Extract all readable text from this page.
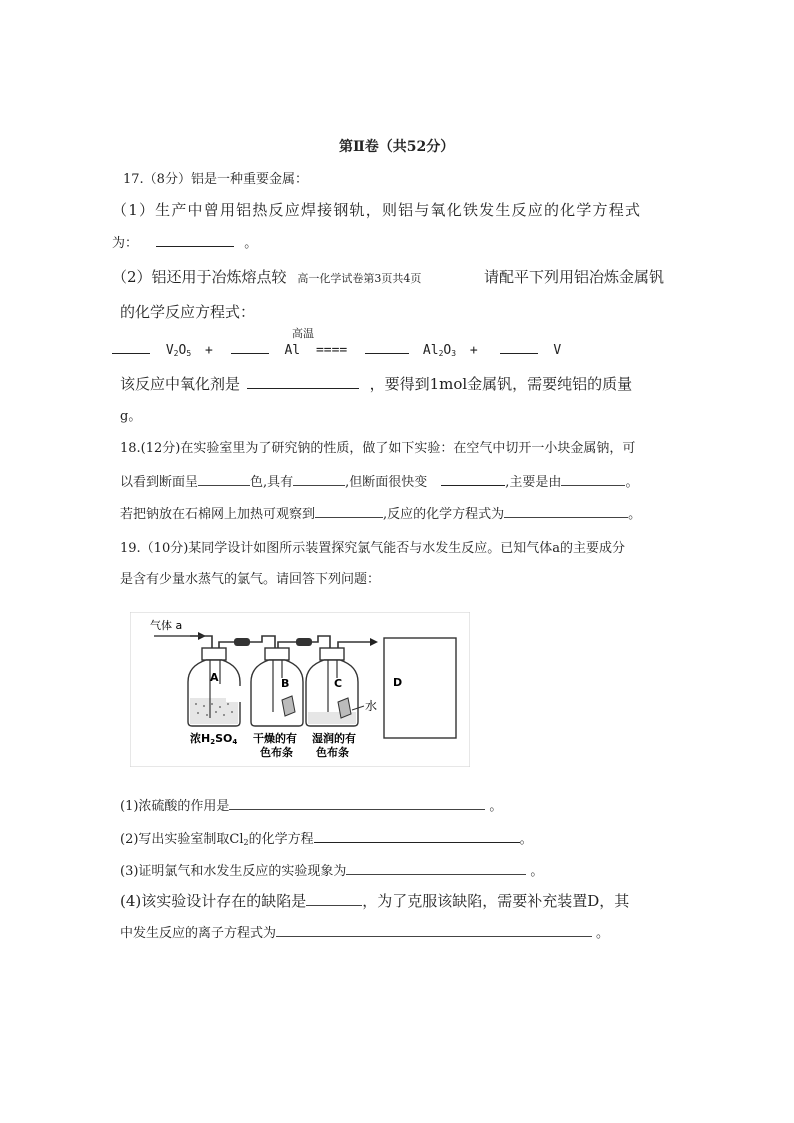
第Ⅱ卷（共52分）
17.（8分）铝是一种重要金属：
（1）生产中曾用铝热反应焊接钢轨，则铝与氧化铁发生反应的化学方程式
为：	。
（2）铝还用于冶炼熔点较 高一化学试卷第3页共4页	请配平下列用铝冶炼金属钒
的化学反应方程式：
高温
$V_2O_5$ +	Al ====	$Al_2O_3$ +	V
该反应中氧化剂是	，要得到1mol金属钒，需要纯铝的质量
g。
18.(12分)在实验室里为了研究钠的性质，做了如下实验：在空气中切开一小块金属钠，可
以看到断面呈	色,具有	,但断面很快变	,主要是由	。
若把钠放在石棉网上加热可观察到	,反应的化学方程式为	。
19.（10分)某同学设计如图所示装置探究氯气能否与水发生反应。已知气体a的主要成分
是含有少量水蒸气的氯气。请回答下列问题：
气体 a
A	B	C
水
D
浓H2SO4 干燥的有
色布条
湿润的有
色布条
(1)浓硫酸的作用是	。
(2)写出实验室制取$Cl_2$的化学方程	。
(3)证明氯气和水发生反应的实验现象为	。
(4)该实验设计存在的缺陷是	，为了克服该缺陷，需要补充装置D，其
中发生反应的离子方程式为	。
